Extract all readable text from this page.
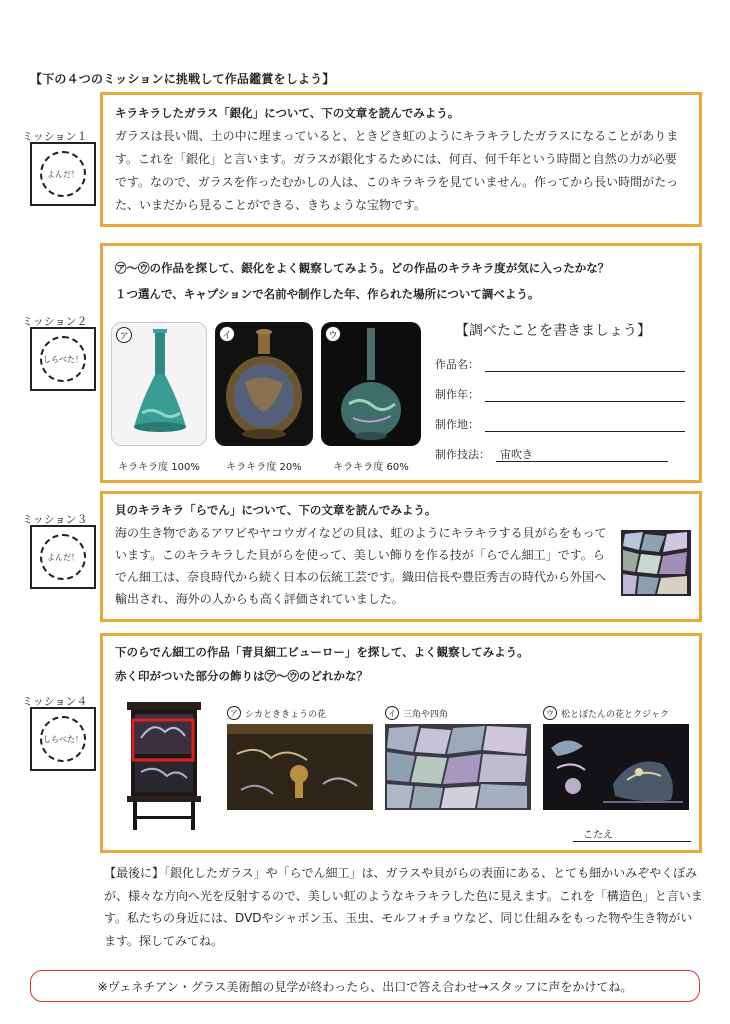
【下の４つのミッションに挑戦して作品鑑賞をしよう】
ミッション１
よんだ！
ミッション２
しらべた！
ミッション３
よんだ！
ミッション４
しらべた！
キラキラしたガラス「銀化」について、下の文章を読んでみよう。
ガラスは長い間、土の中に埋まっていると、ときどき虹のようにキラキラしたガラスになることがあります。これを「銀化」と言います。ガラスが銀化するためには、何百、何千年という時間と自然の力が必要です。なので、ガラスを作ったむかしの人は、このキラキラを見ていません。作ってから長い時間がたった、いまだから見ることができる、きちょうな宝物です。
㋐～㋒の作品を探して、銀化をよく観察してみよう。どの作品のキラキラ度が気に入ったかな？
１つ選んで、キャプションで名前や制作した年、作られた場所について調べよう。
ア
キラキラ度 100%
イ
キラキラ度 20%
ウ
キラキラ度 60%
【調べたことを書きましょう】
作品名：
制作年：
制作地：
制作技法： 宙吹き
貝のキラキラ「らでん」について、下の文章を読んでみよう。
海の生き物であるアワビやヤコウガイなどの貝は、虹のようにキラキラする貝がらをもっています。このキラキラした貝がらを使って、美しい飾りを作る技が「らでん細工」です。らでん細工は、奈良時代から続く日本の伝統工芸です。織田信長や豊臣秀吉の時代から外国へ輸出され、海外の人からも高く評価されていました。
下のらでん細工の作品「青貝細工ビューロー」を探して、よく観察してみよう。
赤く印がついた部分の飾りは㋐～㋒のどれかな？
ア シカとききょうの花	イ 三角や四角	ウ 松とぼたんの花とクジャク
こたえ
【最後に】「銀化したガラス」や「らでん細工」は、ガラスや貝がらの表面にある、とても細かいみぞやくぼみが、様々な方向へ光を反射するので、美しい虹のようなキラキラした色に見えます。これを「構造色」と言います。私たちの身近には、DVDやシャボン玉、玉虫、モルフォチョウなど、同じ仕組みをもった物や生き物がいます。探してみてね。
※ヴェネチアン・グラス美術館の見学が終わったら、出口で答え合わせ→スタッフに声をかけてね。
